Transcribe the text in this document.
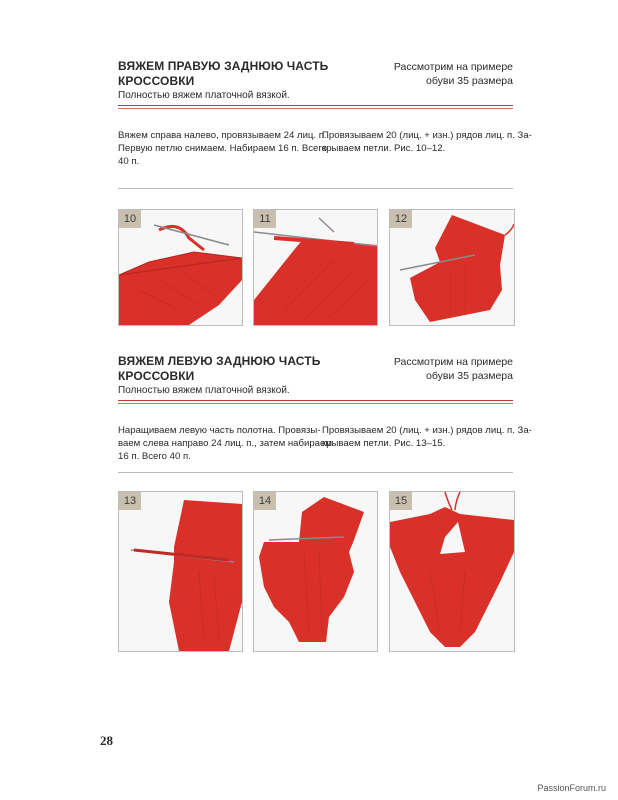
ВЯЖЕМ ПРАВУЮ ЗАДНЮЮ ЧАСТЬ
КРОССОВКИ
Полностью вяжем платочной вязкой.
Рассмотрим на примере
обуви 35 размера
Вяжем справа налево, провязываем 24 лиц. п.
Первую петлю снимаем. Набираем 16 п. Всего
40 п.
Провязываем 20 (лиц. + изн.) рядов лиц. п. За-
крываем петли. Рис. 10–12.
10	11	12
ВЯЖЕМ ЛЕВУЮ ЗАДНЮЮ ЧАСТЬ
КРОССОВКИ
Полностью вяжем платочной вязкой.
Рассмотрим на примере
обуви 35 размера
Наращиваем левую часть полотна. Провязы-
ваем слева направо 24 лиц. п., затем набираем
16 п. Всего 40 п.
Провязываем 20 (лиц. + изн.) рядов лиц. п. За-
крываем петли. Рис. 13–15.
13	14	15
28
PassionForum.ru
